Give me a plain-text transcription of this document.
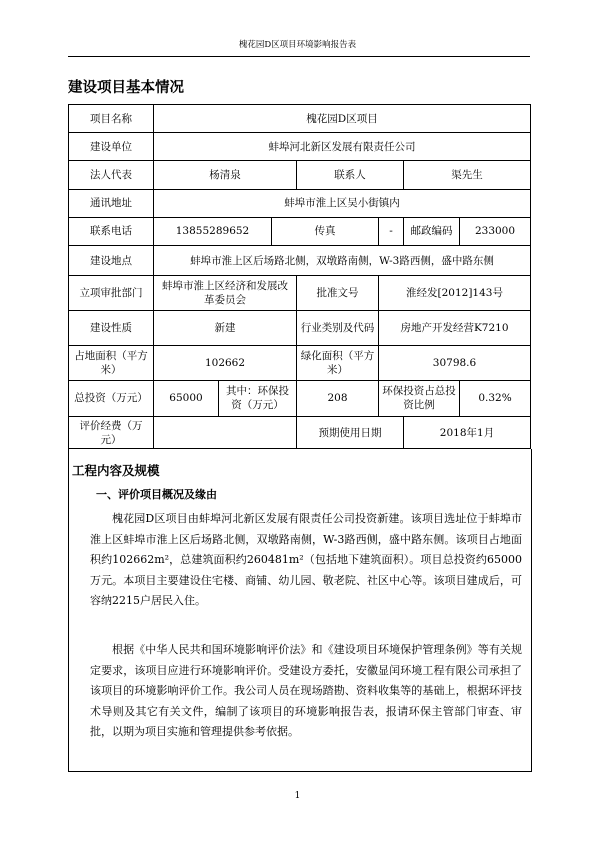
槐花园D区项目环境影响报告表
建设项目基本情况
项目名称	槐花园D区项目						
建设单位	蚌埠河北新区发展有限责任公司						
法人代表	杨清泉			联系人		渠先生	
通讯地址	蚌埠市淮上区吴小街镇内						
联系电话	13855289652		传真		-	邮政编码	233000
建设地点	蚌埠市淮上区后场路北侧，双墩路南侧，W-3路西侧，盛中路东侧						
立项审批部门	蚌埠市淮上区经济和发展改革委员会			批准文号	淮经发[2012]143号		
建设性质	新建			行业类别及代码	房地产开发经营K7210		
占地面积（平方米）	102662			绿化面积（平方米）	30798.6		
总投资（万元）	65000	其中：环保投资（万元）		208	环保投资占总投资比例		0.32%
评价经费（万元）				预期使用日期		2018年1月	
工程内容及规模
一、评价项目概况及缘由
槐花园D区项目由蚌埠河北新区发展有限责任公司投资新建。该项目选址位于蚌埠市淮上区蚌埠市淮上区后场路北侧，双墩路南侧，W-3路西侧，盛中路东侧。该项目占地面积约102662m²，总建筑面积约260481m²（包括地下建筑面积）。项目总投资约65000万元。本项目主要建设住宅楼、商铺、幼儿园、敬老院、社区中心等。该项目建成后，可容纳2215户居民入住。
根据《中华人民共和国环境影响评价法》和《建设项目环境保护管理条例》等有关规定要求，该项目应进行环境影响评价。受建设方委托，安徽显闰环境工程有限公司承担了该项目的环境影响评价工作。我公司人员在现场踏勘、资料收集等的基础上，根据环评技术导则及其它有关文件，编制了该项目的环境影响报告表，报请环保主管部门审查、审批，以期为项目实施和管理提供参考依据。
1
